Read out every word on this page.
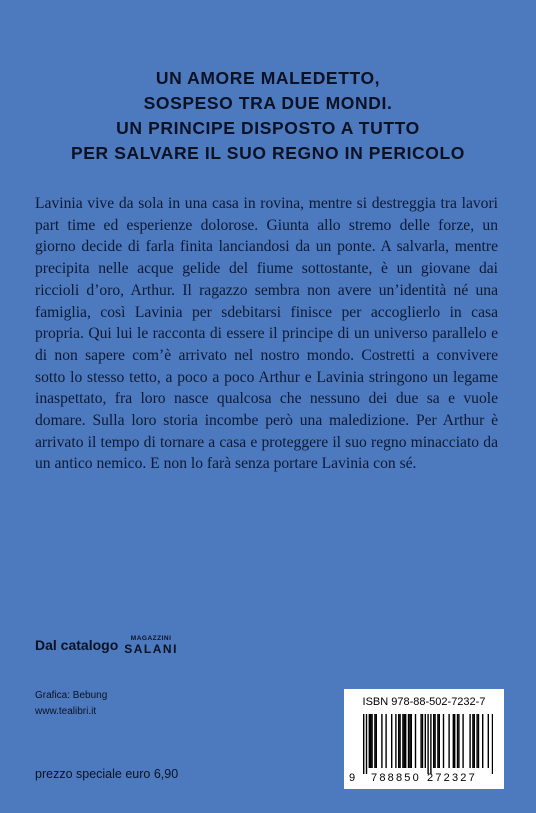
UN AMORE MALEDETTO,
SOSPESO TRA DUE MONDI.
UN PRINCIPE DISPOSTO A TUTTO
PER SALVARE IL SUO REGNO IN PERICOLO

Lavinia vive da sola in una casa in rovina, mentre si destreggia tra lavori part time ed esperienze dolorose. Giunta allo stremo delle forze, un giorno decide di farla finita lanciandosi da un ponte. A salvarla, mentre precipita nelle acque gelide del fiume sottostante, è un giovane dai riccioli d’oro, Arthur. Il ragazzo sembra non avere un’identità né una famiglia, così Lavinia per sdebitarsi finisce per accoglierlo in casa propria. Qui lui le racconta di essere il principe di un universo parallelo e di non sapere com’è arrivato nel nostro mondo. Costretti a convivere sotto lo stesso tetto, a poco a poco Arthur e Lavinia stringono un legame inaspettato, fra loro nasce qualcosa che nessuno dei due sa e vuole domare. Sulla loro storia incombe però una maledizione. Per Arthur è arrivato il tempo di tornare a casa e proteggere il suo regno minacciato da un antico nemico. E non lo farà senza portare Lavinia con sé.

Dal catalogo MAGAZZINI
SALANI
Grafica: Bebung
www.tealibri.it
prezzo speciale euro 6,90
ISBN 978-88-502-7232-7
9 788850 272327
